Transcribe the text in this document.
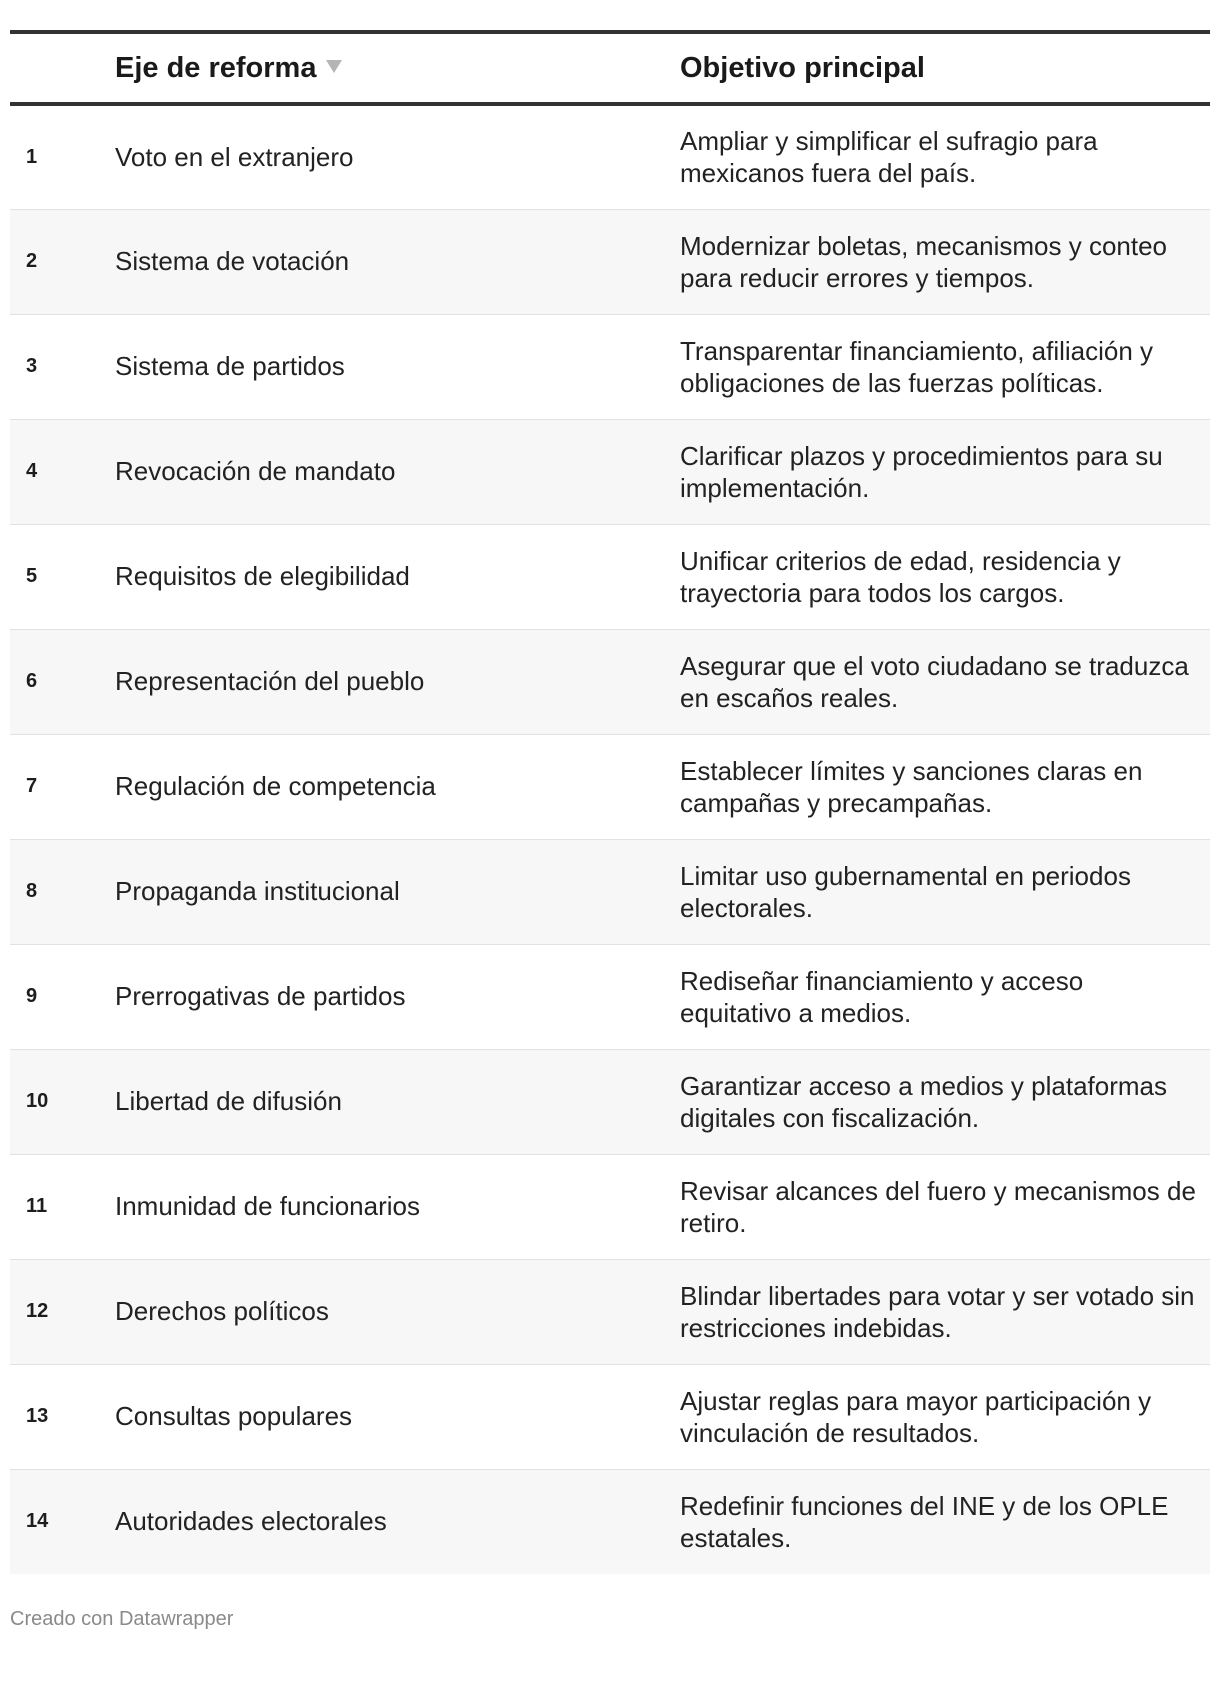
	Eje de reforma	Objetivo principal
1	Voto en el extranjero	Ampliar y simplificar el sufragio para mexicanos fuera del país.
2	Sistema de votación	Modernizar boletas, mecanismos y conteo para reducir errores y tiempos.
3	Sistema de partidos	Transparentar financiamiento, afiliación y obligaciones de las fuerzas políticas.
4	Revocación de mandato	Clarificar plazos y procedimientos para su implementación.
5	Requisitos de elegibilidad	Unificar criterios de edad, residencia y trayectoria para todos los cargos.
6	Representación del pueblo	Asegurar que el voto ciudadano se traduzca en escaños reales.
7	Regulación de competencia	Establecer límites y sanciones claras en campañas y precampañas.
8	Propaganda institucional	Limitar uso gubernamental en periodos electorales.
9	Prerrogativas de partidos	Rediseñar financiamiento y acceso equitativo a medios.
10	Libertad de difusión	Garantizar acceso a medios y plataformas digitales con fiscalización.
11	Inmunidad de funcionarios	Revisar alcances del fuero y mecanismos de retiro.
12	Derechos políticos	Blindar libertades para votar y ser votado sin restricciones indebidas.
13	Consultas populares	Ajustar reglas para mayor participación y vinculación de resultados.
14	Autoridades electorales	Redefinir funciones del INE y de los OPLE estatales.
Creado con Datawrapper
